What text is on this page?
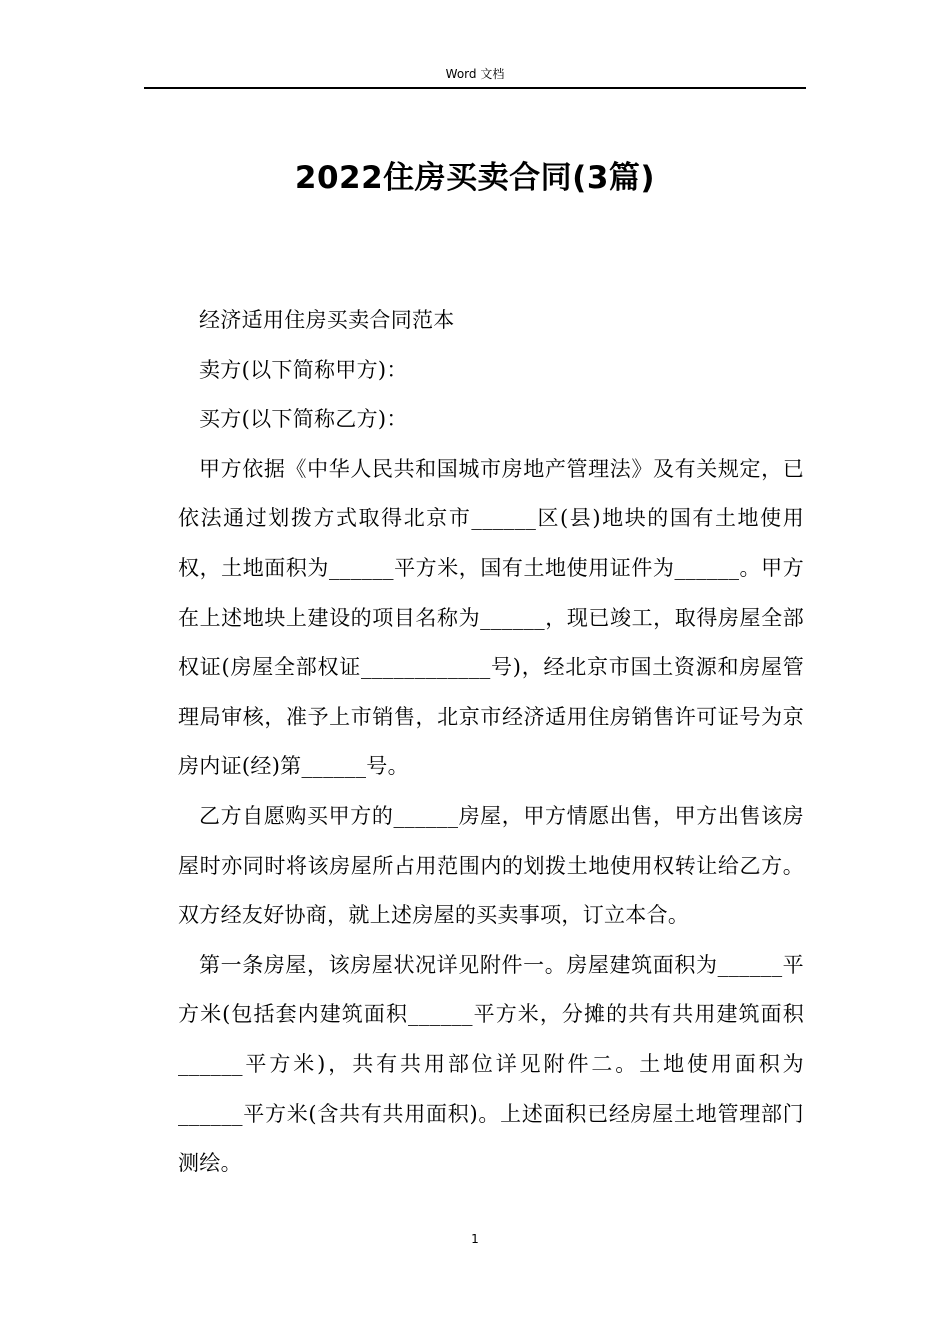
Word 文档
2022住房买卖合同(3篇)

经济适用住房买卖合同范本

卖方(以下简称甲方)：

买方(以下简称乙方)：

甲方依据《中华人民共和国城市房地产管理法》及有关规定，已依法通过划拨方式取得北京市______区(县)地块的国有土地使用权，土地面积为______平方米，国有土地使用证件为______。甲方在上述地块上建设的项目名称为______，现已竣工，取得房屋全部权证(房屋全部权证____________号)，经北京市国土资源和房屋管理局审核，准予上市销售，北京市经济适用住房销售许可证号为京房内证(经)第______号。

乙方自愿购买甲方的______房屋，甲方情愿出售，甲方出售该房屋时亦同时将该房屋所占用范围内的划拨土地使用权转让给乙方。双方经友好协商，就上述房屋的买卖事项，订立本合。

第一条房屋，该房屋状况详见附件一。房屋建筑面积为______平方米(包括套内建筑面积______平方米，分摊的共有共用建筑面积______平方米)，共有共用部位详见附件二。土地使用面积为______平方米(含共有共用面积)。上述面积已经房屋土地管理部门测绘。

1
